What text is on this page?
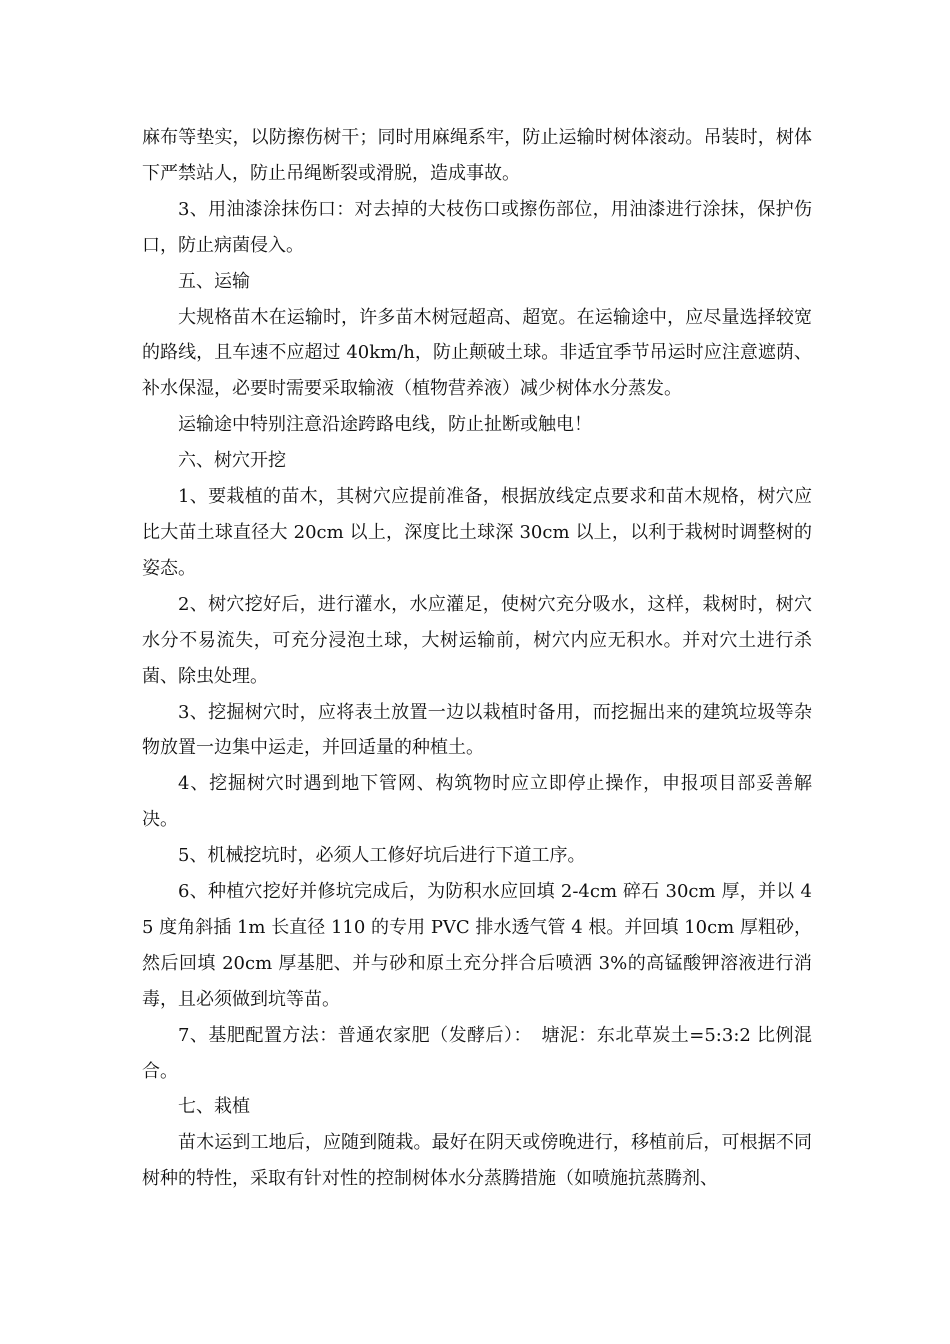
麻布等垫实，以防擦伤树干；同时用麻绳系牢，防止运输时树体滚动。吊装时，树体下严禁站人，防止吊绳断裂或滑脱，造成事故。

3、用油漆涂抹伤口：对去掉的大枝伤口或擦伤部位，用油漆进行涂抹，保护伤口，防止病菌侵入。

五、运输

大规格苗木在运输时，许多苗木树冠超高、超宽。在运输途中，应尽量选择较宽的路线，且车速不应超过 40km/h，防止颠破土球。非适宜季节吊运时应注意遮荫、补水保湿，必要时需要采取输液（植物营养液）减少树体水分蒸发。

运输途中特别注意沿途跨路电线，防止扯断或触电！

六、树穴开挖

1、要栽植的苗木，其树穴应提前准备，根据放线定点要求和苗木规格，树穴应比大苗土球直径大 20cm 以上，深度比土球深 30cm 以上，以利于栽树时调整树的姿态。

2、树穴挖好后，进行灌水，水应灌足，使树穴充分吸水，这样，栽树时，树穴水分不易流失，可充分浸泡土球，大树运输前，树穴内应无积水。并对穴土进行杀菌、除虫处理。

3、挖掘树穴时，应将表土放置一边以栽植时备用，而挖掘出来的建筑垃圾等杂物放置一边集中运走，并回适量的种植土。

4、挖掘树穴时遇到地下管网、构筑物时应立即停止操作，申报项目部妥善解决。

5、机械挖坑时，必须人工修好坑后进行下道工序。

6、种植穴挖好并修坑完成后，为防积水应回填 2-4cm 碎石 30cm 厚，并以 45 度角斜插 1m 长直径 110 的专用 PVC 排水透气管 4 根。并回填 10cm 厚粗砂，然后回填 20cm 厚基肥、并与砂和原土充分拌合后喷洒 3%的高锰酸钾溶液进行消毒，且必须做到坑等苗。

7、基肥配置方法：普通农家肥（发酵后）：　塘泥：东北草炭土=5:3:2 比例混合。

七、栽植

苗木运到工地后，应随到随栽。最好在阴天或傍晚进行，移植前后，可根据不同树种的特性，采取有针对性的控制树体水分蒸腾措施（如喷施抗蒸腾剂、
